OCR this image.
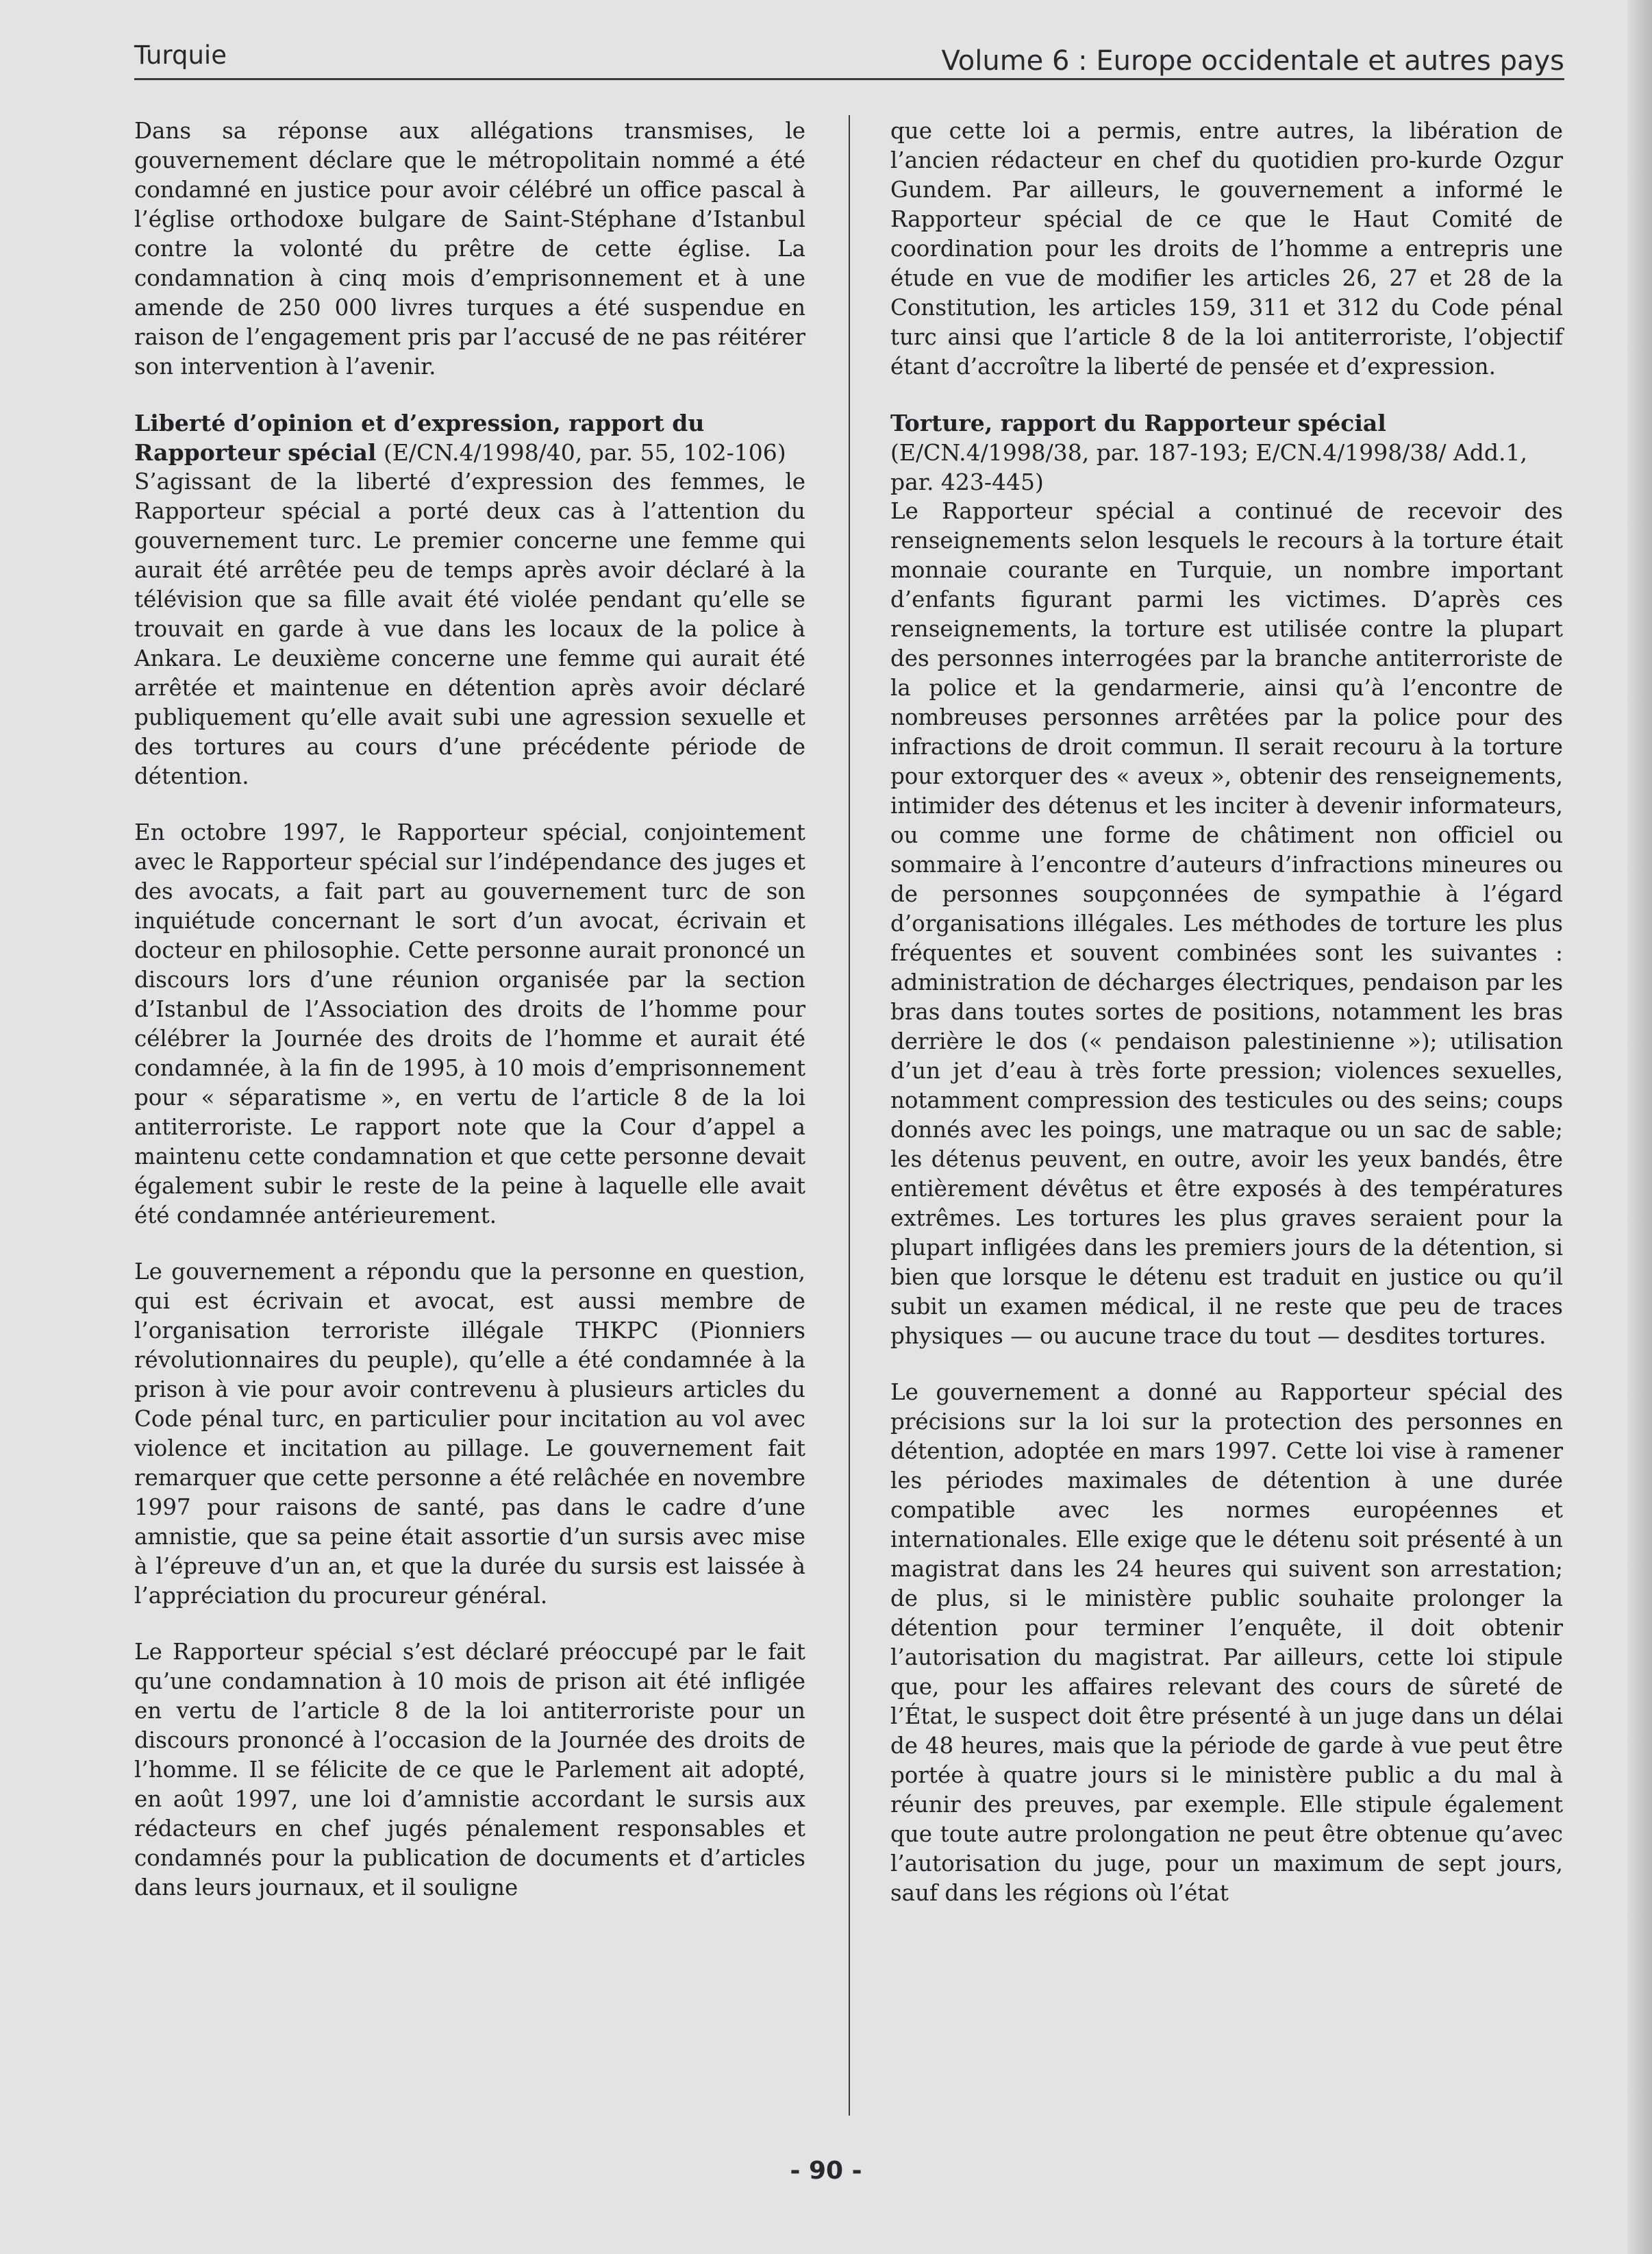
Turquie	Volume 6 : Europe occidentale et autres pays

Dans sa réponse aux allégations transmises, le gouvernement déclare que le métropolitain nommé a été condamné en justice pour avoir célébré un office pascal à l’église orthodoxe bulgare de Saint-Stéphane d’Istanbul contre la volonté du prêtre de cette église. La condamnation à cinq mois d’emprisonnement et à une amende de 250 000 livres turques a été suspendue en raison de l’engagement pris par l’accusé de ne pas réitérer son intervention à l’avenir.

Liberté d’opinion et d’expression, rapport du Rapporteur spécial (E/CN.4/1998/40, par. 55, 102-106)

S’agissant de la liberté d’expression des femmes, le Rapporteur spécial a porté deux cas à l’attention du gouvernement turc. Le premier concerne une femme qui aurait été arrêtée peu de temps après avoir déclaré à la télévision que sa fille avait été violée pendant qu’elle se trouvait en garde à vue dans les locaux de la police à Ankara. Le deuxième concerne une femme qui aurait été arrêtée et maintenue en détention après avoir déclaré publiquement qu’elle avait subi une agression sexuelle et des tortures au cours d’une précédente période de détention.

En octobre 1997, le Rapporteur spécial, conjointement avec le Rapporteur spécial sur l’indépendance des juges et des avocats, a fait part au gouvernement turc de son inquiétude concernant le sort d’un avocat, écrivain et docteur en philosophie. Cette personne aurait prononcé un discours lors d’une réunion organisée par la section d’Istanbul de l’Association des droits de l’homme pour célébrer la Journée des droits de l’homme et aurait été condamnée, à la fin de 1995, à 10 mois d’emprisonnement pour « séparatisme », en vertu de l’article 8 de la loi antiterroriste. Le rapport note que la Cour d’appel a maintenu cette condamnation et que cette personne devait également subir le reste de la peine à laquelle elle avait été condamnée antérieurement.

Le gouvernement a répondu que la personne en question, qui est écrivain et avocat, est aussi membre de l’organisation terroriste illégale THKPC (Pionniers révolutionnaires du peuple), qu’elle a été condamnée à la prison à vie pour avoir contrevenu à plusieurs articles du Code pénal turc, en particulier pour incitation au vol avec violence et incitation au pillage. Le gouvernement fait remarquer que cette personne a été relâchée en novembre 1997 pour raisons de santé, pas dans le cadre d’une amnistie, que sa peine était assortie d’un sursis avec mise à l’épreuve d’un an, et que la durée du sursis est laissée à l’appréciation du procureur général.

Le Rapporteur spécial s’est déclaré préoccupé par le fait qu’une condamnation à 10 mois de prison ait été infligée en vertu de l’article 8 de la loi antiterroriste pour un discours prononcé à l’occasion de la Journée des droits de l’homme. Il se félicite de ce que le Parlement ait adopté, en août 1997, une loi d’amnistie accordant le sursis aux rédacteurs en chef jugés pénalement responsables et condamnés pour la publication de documents et d’articles dans leurs journaux, et il souligne

que cette loi a permis, entre autres, la libération de l’ancien rédacteur en chef du quotidien pro-kurde Ozgur Gundem. Par ailleurs, le gouvernement a informé le Rapporteur spécial de ce que le Haut Comité de coordination pour les droits de l’homme a entrepris une étude en vue de modifier les articles 26, 27 et 28 de la Constitution, les articles 159, 311 et 312 du Code pénal turc ainsi que l’article 8 de la loi antiterroriste, l’objectif étant d’accroître la liberté de pensée et d’expression.

Torture, rapport du Rapporteur spécial (E/CN.4/1998/38, par. 187-193; E/CN.4/1998/38/ Add.1, par. 423-445)

Le Rapporteur spécial a continué de recevoir des renseignements selon lesquels le recours à la torture était monnaie courante en Turquie, un nombre important d’enfants figurant parmi les victimes. D’après ces renseignements, la torture est utilisée contre la plupart des personnes interrogées par la branche antiterroriste de la police et la gendarmerie, ainsi qu’à l’encontre de nombreuses personnes arrêtées par la police pour des infractions de droit commun. Il serait recouru à la torture pour extorquer des « aveux », obtenir des renseignements, intimider des détenus et les inciter à devenir informateurs, ou comme une forme de châtiment non officiel ou sommaire à l’encontre d’auteurs d’infractions mineures ou de personnes soupçonnées de sympathie à l’égard d’organisations illégales. Les méthodes de torture les plus fréquentes et souvent combinées sont les suivantes : administration de décharges électriques, pendaison par les bras dans toutes sortes de positions, notamment les bras derrière le dos (« pendaison palestinienne »); utilisation d’un jet d’eau à très forte pression; violences sexuelles, notamment compression des testicules ou des seins; coups donnés avec les poings, une matraque ou un sac de sable; les détenus peuvent, en outre, avoir les yeux bandés, être entièrement dévêtus et être exposés à des températures extrêmes. Les tortures les plus graves seraient pour la plupart infligées dans les premiers jours de la détention, si bien que lorsque le détenu est traduit en justice ou qu’il subit un examen médical, il ne reste que peu de traces physiques — ou aucune trace du tout — desdites tortures.

Le gouvernement a donné au Rapporteur spécial des précisions sur la loi sur la protection des personnes en détention, adoptée en mars 1997. Cette loi vise à ramener les périodes maximales de détention à une durée compatible avec les normes européennes et internationales. Elle exige que le détenu soit présenté à un magistrat dans les 24 heures qui suivent son arrestation; de plus, si le ministère public souhaite prolonger la détention pour terminer l’enquête, il doit obtenir l’autorisation du magistrat. Par ailleurs, cette loi stipule que, pour les affaires relevant des cours de sûreté de l’État, le suspect doit être présenté à un juge dans un délai de 48 heures, mais que la période de garde à vue peut être portée à quatre jours si le ministère public a du mal à réunir des preuves, par exemple. Elle stipule également que toute autre prolongation ne peut être obtenue qu’avec l’autorisation du juge, pour un maximum de sept jours, sauf dans les régions où l’état

- 90 -
